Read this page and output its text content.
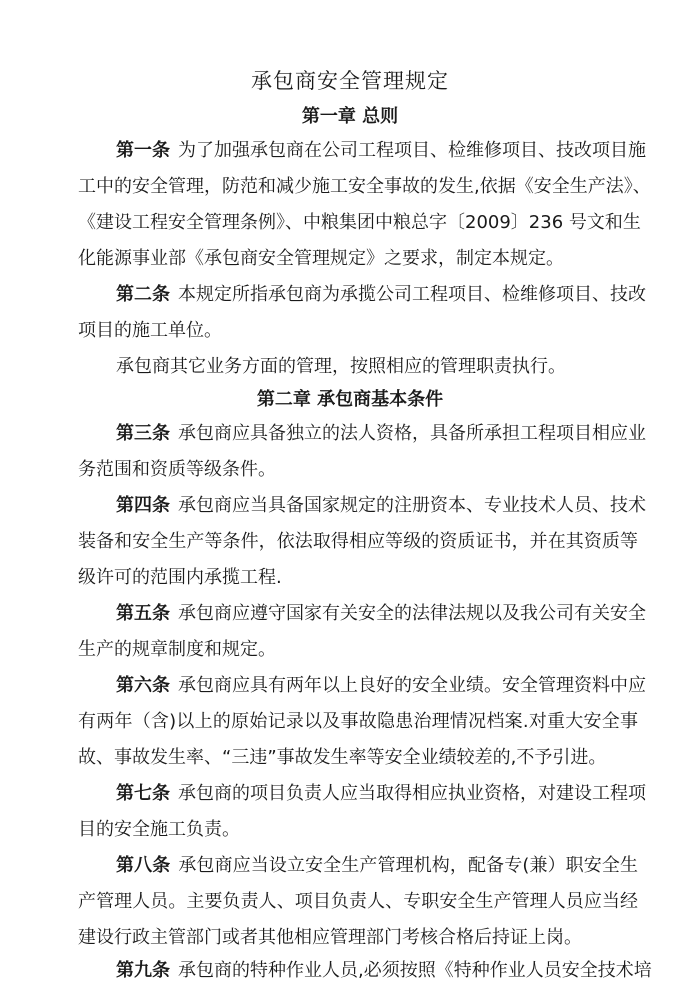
承包商安全管理规定
第一章 总则
第一条 为了加强承包商在公司工程项目、检维修项目、技改项目施
工中的安全管理，防范和减少施工安全事故的发生,依据《安全生产法》、
《建设工程安全管理条例》、中粮集团中粮总字〔2009〕236 号文和生
化能源事业部《承包商安全管理规定》之要求，制定本规定。
第二条 本规定所指承包商为承揽公司工程项目、检维修项目、技改
项目的施工单位。
承包商其它业务方面的管理，按照相应的管理职责执行。
第二章 承包商基本条件
第三条 承包商应具备独立的法人资格，具备所承担工程项目相应业
务范围和资质等级条件。
第四条 承包商应当具备国家规定的注册资本、专业技术人员、技术
装备和安全生产等条件，依法取得相应等级的资质证书，并在其资质等
级许可的范围内承揽工程.
第五条 承包商应遵守国家有关安全的法律法规以及我公司有关安全
生产的规章制度和规定。
第六条 承包商应具有两年以上良好的安全业绩。安全管理资料中应
有两年（含)以上的原始记录以及事故隐患治理情况档案.对重大安全事
故、事故发生率、“三违”事故发生率等安全业绩较差的,不予引进。
第七条 承包商的项目负责人应当取得相应执业资格，对建设工程项
目的安全施工负责。
第八条 承包商应当设立安全生产管理机构，配备专(兼）职安全生
产管理人员。主要负责人、项目负责人、专职安全生产管理人员应当经
建设行政主管部门或者其他相应管理部门考核合格后持证上岗。
第九条 承包商的特种作业人员,必须按照《特种作业人员安全技术培
